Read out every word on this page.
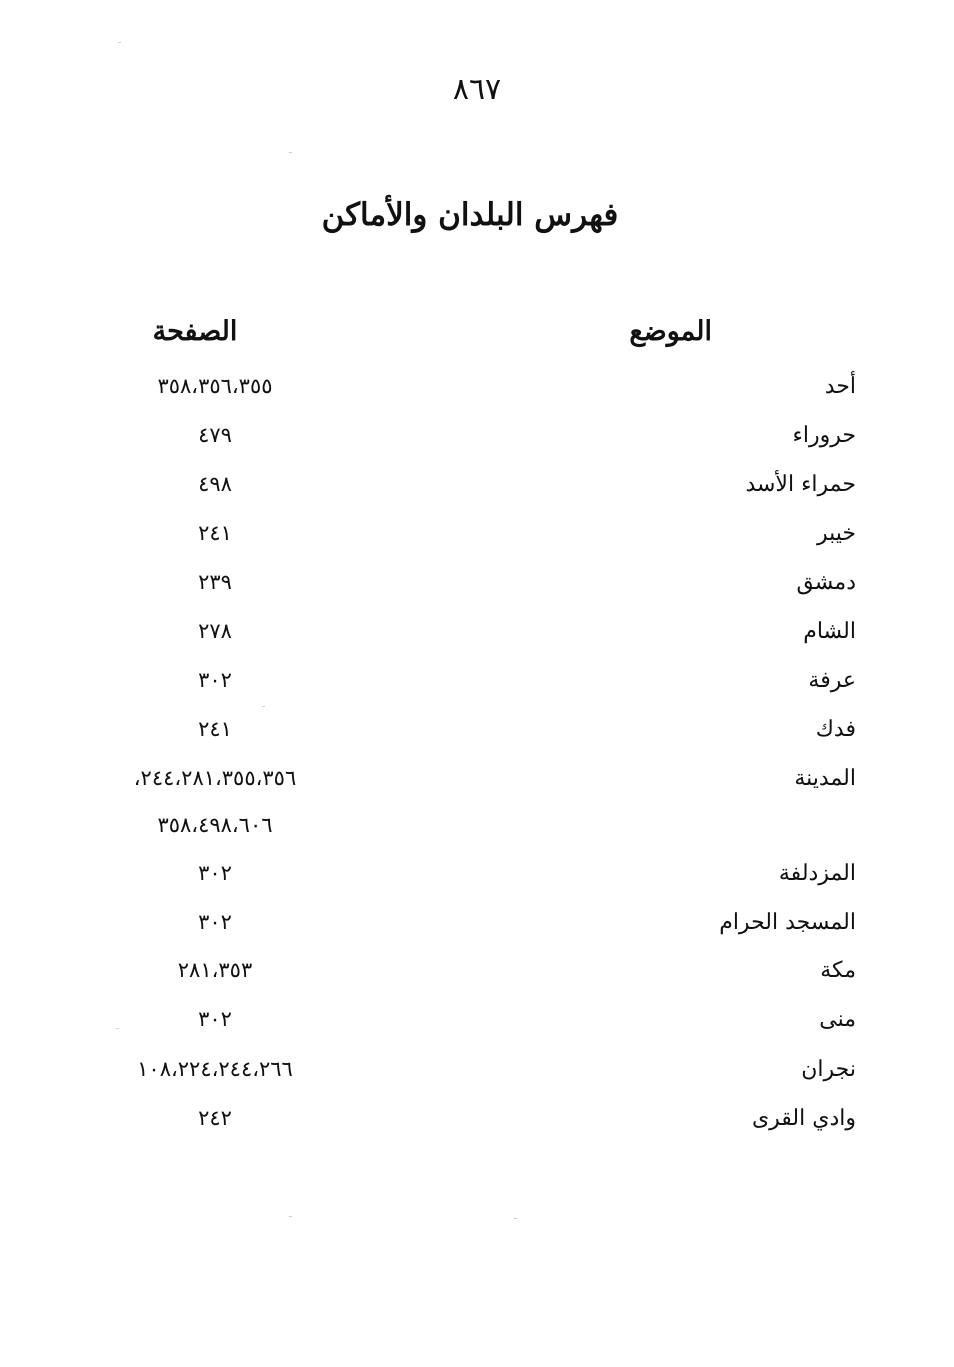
٨٦٧
فهرس البلدان والأماكن
الموضع
الصفحة
أحد
٣٥٨،٣٥٦،٣٥٥
حروراء
٤٧٩
حمراء الأسد
٤٩٨
خيبر
٢٤١
دمشق
٢٣٩
الشام
٢٧٨
عرفة
٣٠٢
فدك
٢٤١
المدينة
٢٤٤،٢٨١،٣٥٥،٣٥٦،
٣٥٨،٤٩٨،٦٠٦
المزدلفة
٣٠٢
المسجد الحرام
٣٠٢
مكة
٢٨١،٣٥٣
منى
٣٠٢
نجران
١٠٨،٢٢٤،٢٤٤،٢٦٦
وادي القرى
٢٤٢
